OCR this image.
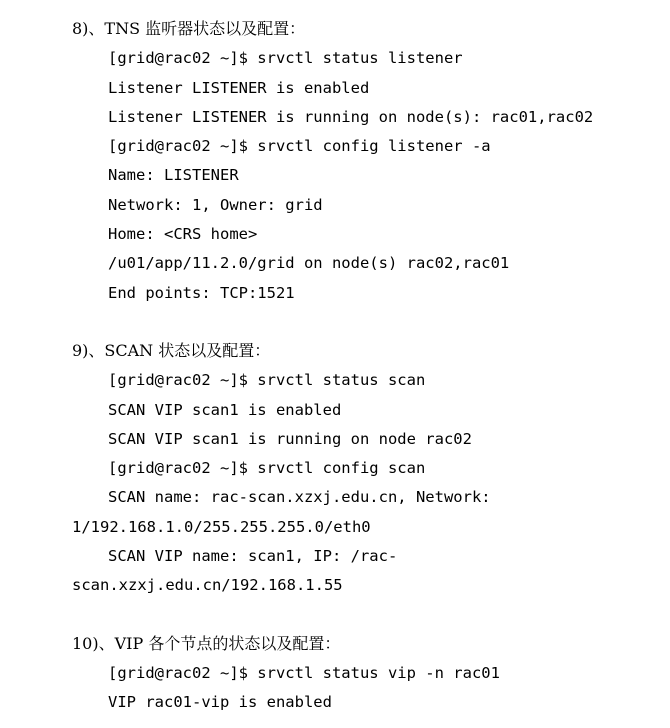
8)、TNS 监听器状态以及配置：
[grid@rac02 ~]$ srvctl status listener
Listener LISTENER is enabled
Listener LISTENER is running on node(s): rac01,rac02
[grid@rac02 ~]$ srvctl config listener -a
Name: LISTENER
Network: 1, Owner: grid
Home: <CRS home>
/u01/app/11.2.0/grid on node(s) rac02,rac01
End points: TCP:1521
9)、SCAN 状态以及配置：
[grid@rac02 ~]$ srvctl status scan
SCAN VIP scan1 is enabled
SCAN VIP scan1 is running on node rac02
[grid@rac02 ~]$ srvctl config scan
SCAN name: rac-scan.xzxj.edu.cn, Network:
1/192.168.1.0/255.255.255.0/eth0
SCAN VIP name: scan1, IP: /rac-
scan.xzxj.edu.cn/192.168.1.55
10)、VIP 各个节点的状态以及配置：
[grid@rac02 ~]$ srvctl status vip -n rac01
VIP rac01-vip is enabled
